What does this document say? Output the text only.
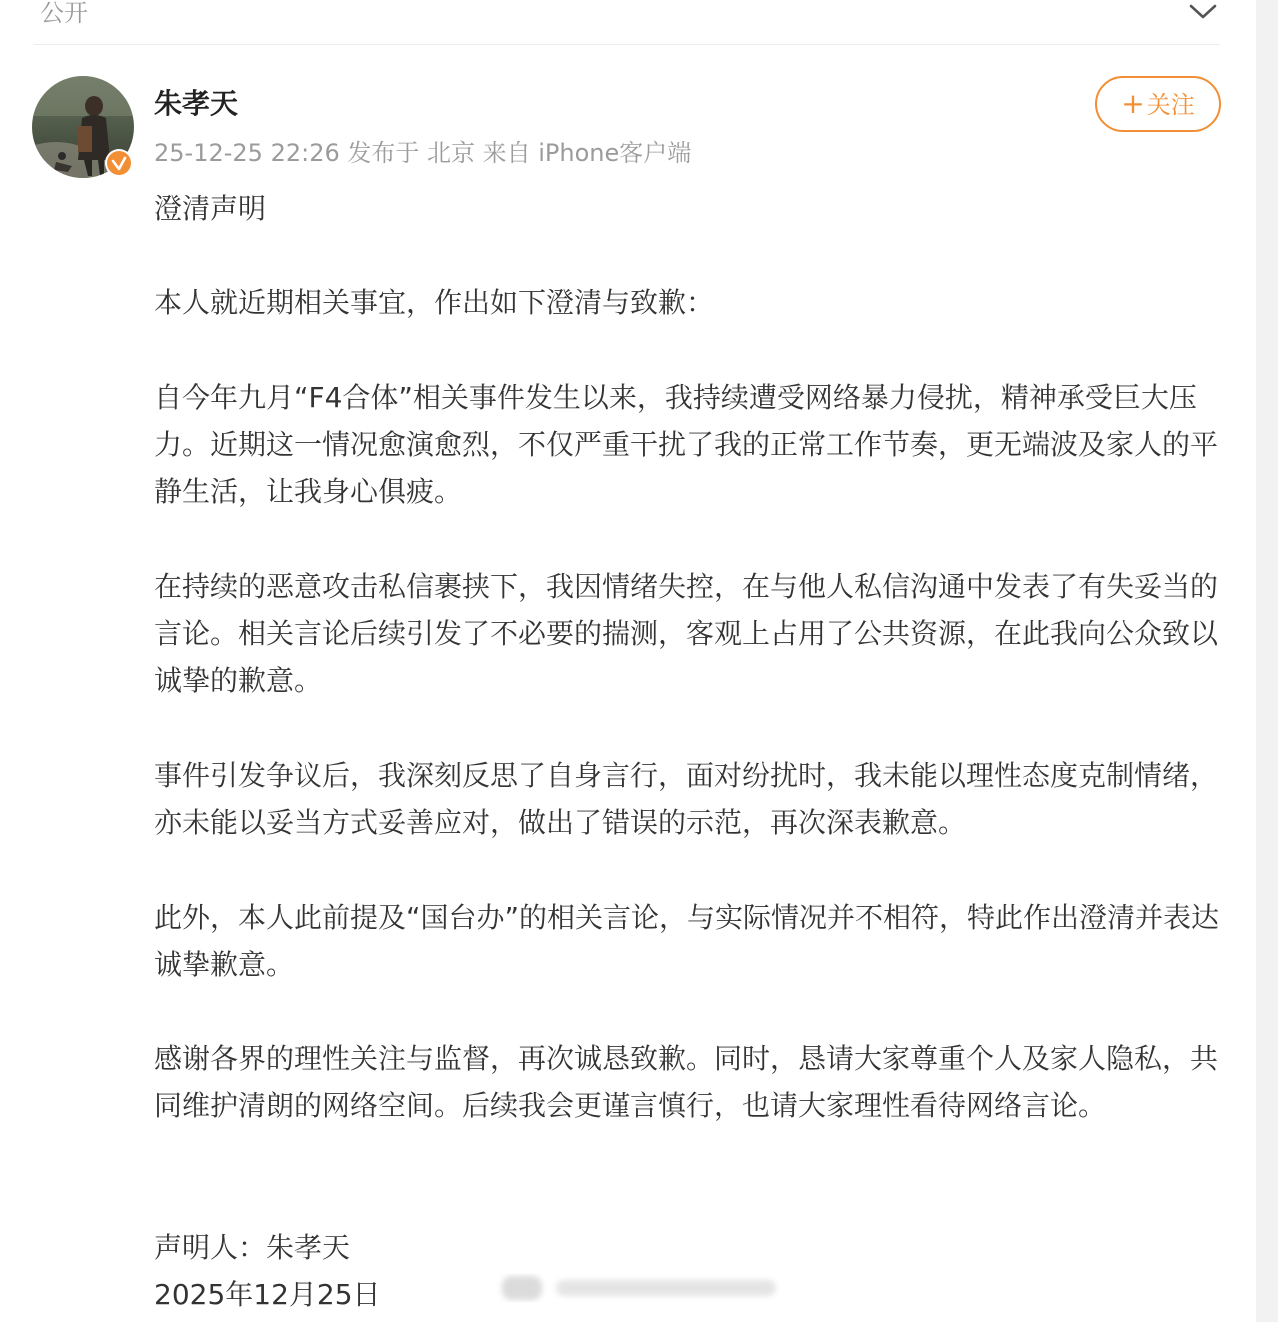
公开
朱孝天
25-12-25 22:26 发布于 北京 来自 iPhone客户端
+关注

澄清声明

本人就近期相关事宜，作出如下澄清与致歉：

自今年九月“F4合体”相关事件发生以来，我持续遭受网络暴力侵扰，精神承受巨大压力。近期这一情况愈演愈烈，不仅严重干扰了我的正常工作节奏，更无端波及家人的平静生活，让我身心俱疲。

在持续的恶意攻击私信裹挟下，我因情绪失控，在与他人私信沟通中发表了有失妥当的言论。相关言论后续引发了不必要的揣测，客观上占用了公共资源，在此我向公众致以诚挚的歉意。

事件引发争议后，我深刻反思了自身言行，面对纷扰时，我未能以理性态度克制情绪，亦未能以妥当方式妥善应对，做出了错误的示范，再次深表歉意。

此外，本人此前提及“国台办”的相关言论，与实际情况并不相符，特此作出澄清并表达诚挚歉意。

感谢各界的理性关注与监督，再次诚恳致歉。同时，恳请大家尊重个人及家人隐私，共同维护清朗的网络空间。后续我会更谨言慎行，也请大家理性看待网络言论。

声明人：朱孝天

2025年12月25日
